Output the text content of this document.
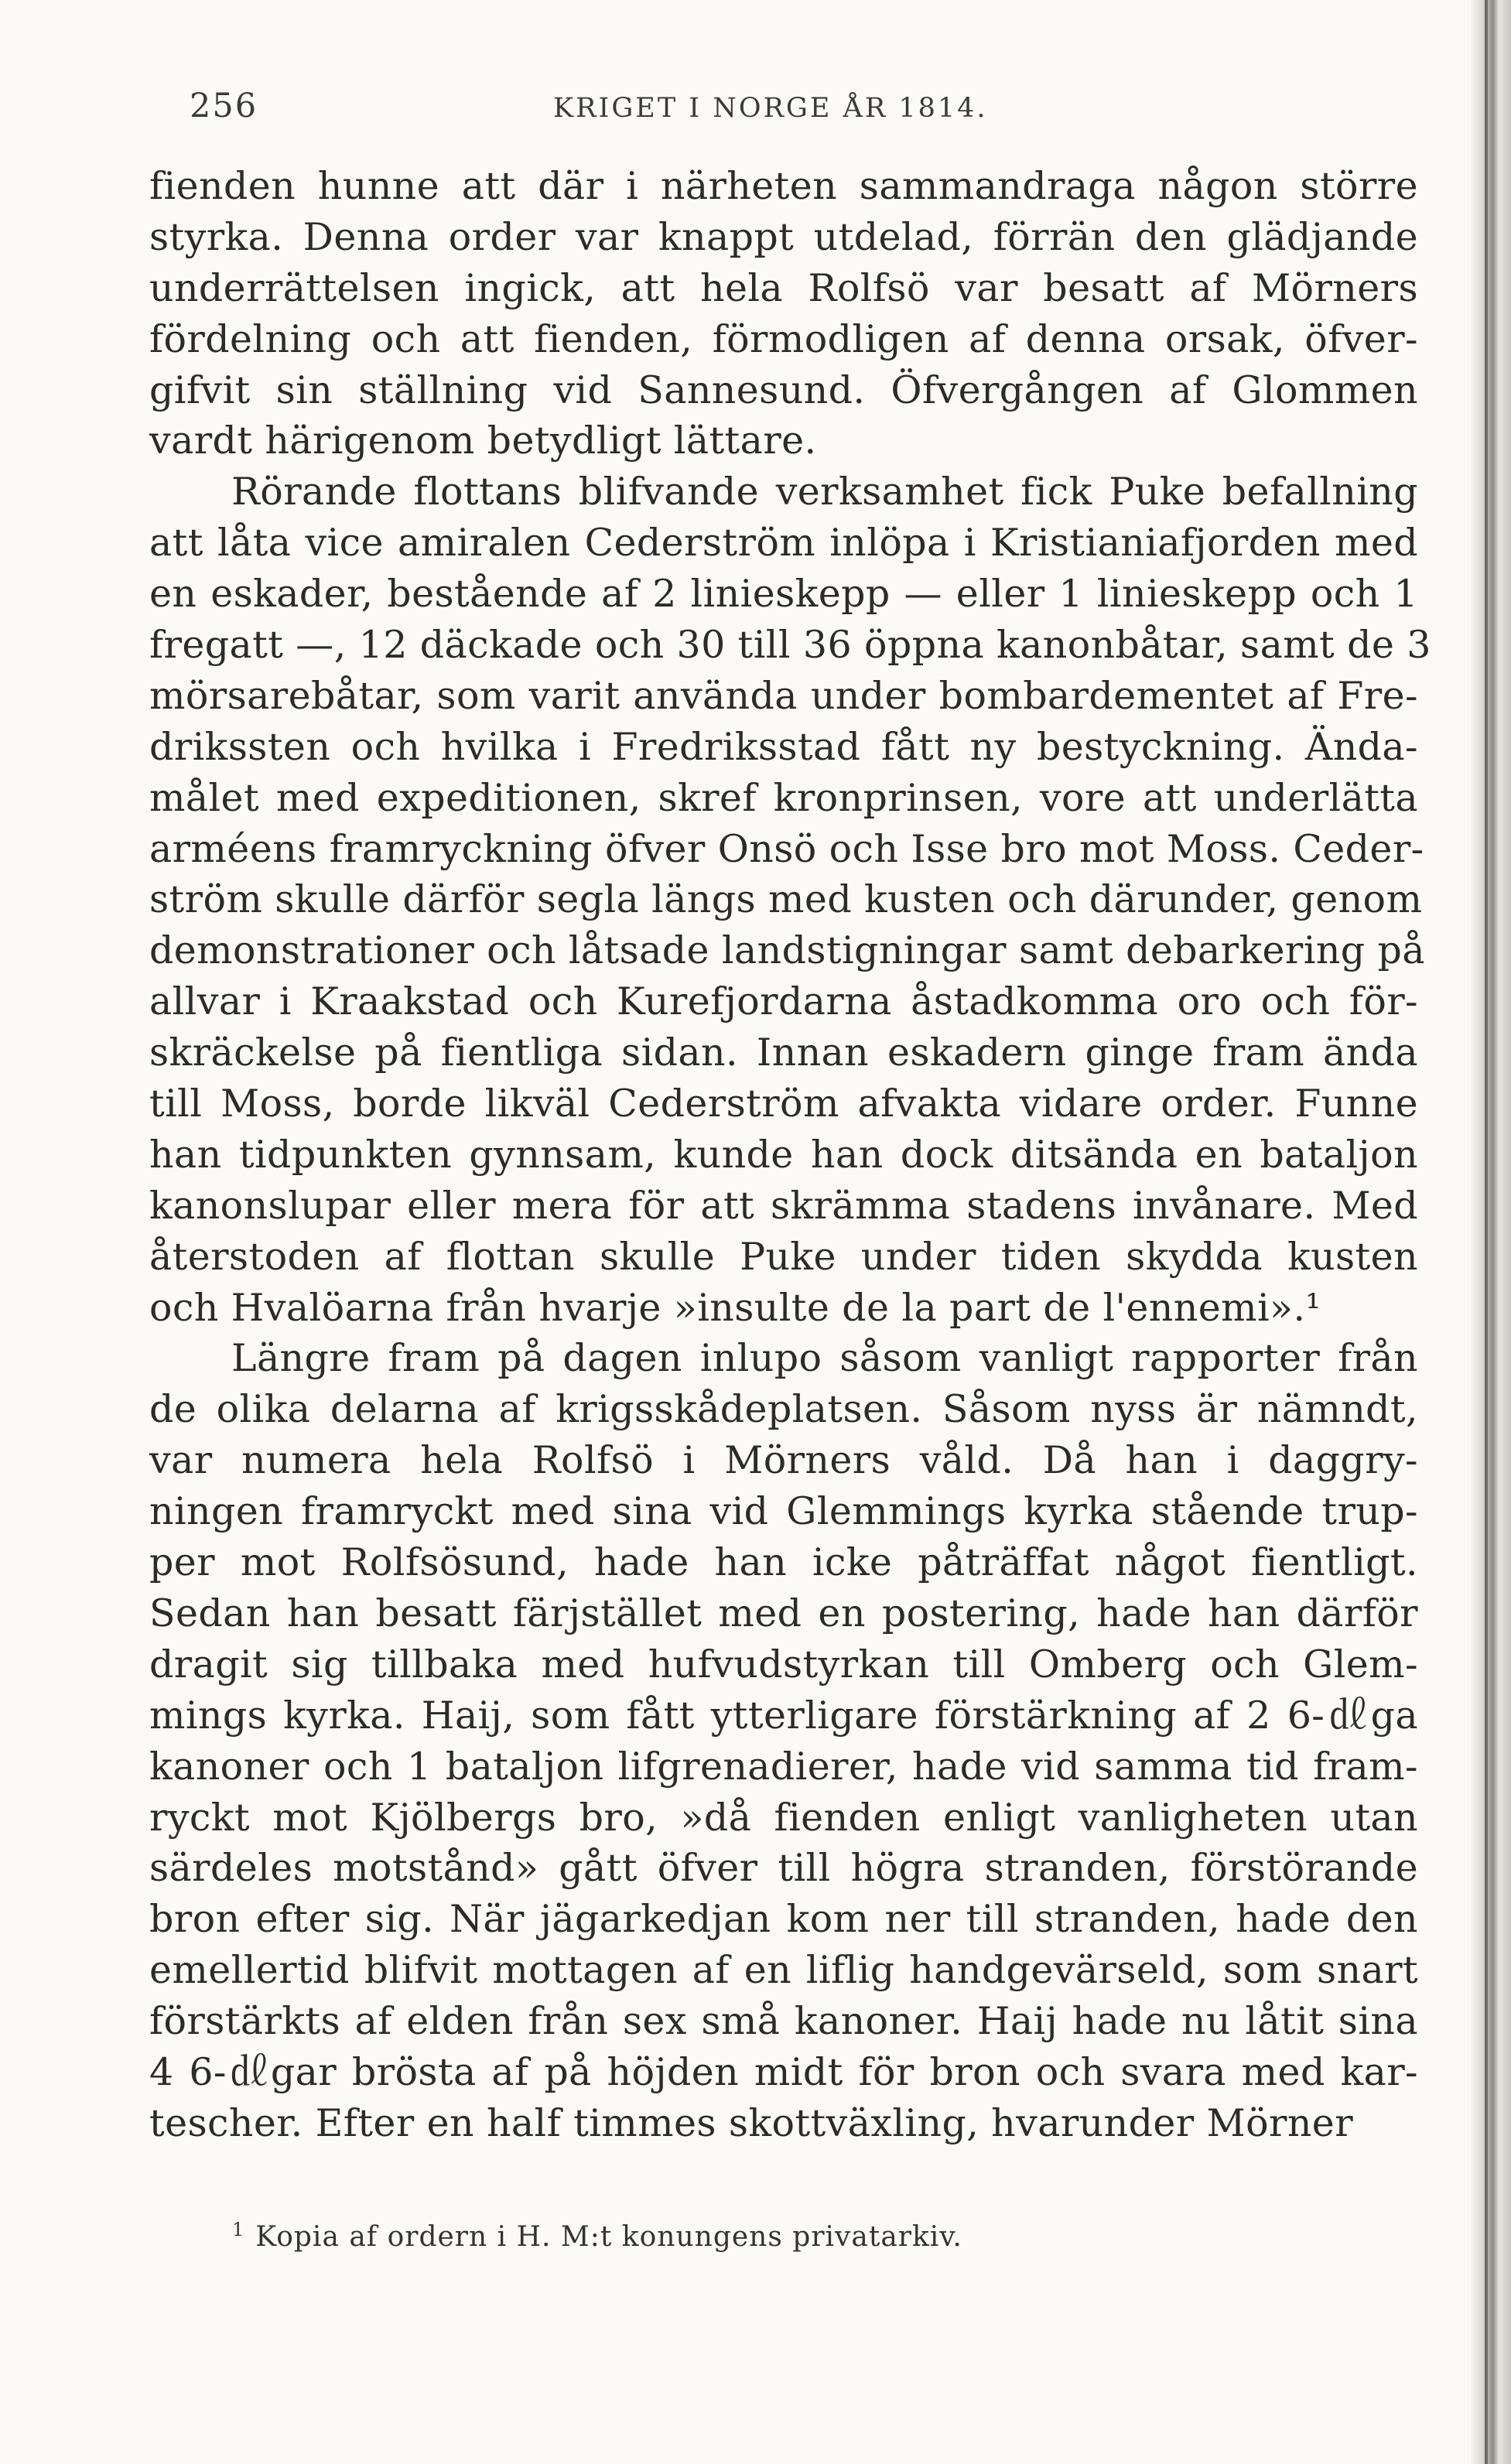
256	KRIGET I NORGE ÅR 1814.
fienden hunne att där i närheten sammandraga någon större
styrka. Denna order var knappt utdelad, förrän den glädjande
underrättelsen ingick, att hela Rolfsö var besatt af Mörners
fördelning och att fienden, förmodligen af denna orsak, öfver-
gifvit sin ställning vid Sannesund. Öfvergången af Glommen
vardt härigenom betydligt lättare.
Rörande flottans blifvande verksamhet fick Puke befallning
att låta vice amiralen Cederström inlöpa i Kristianiafjorden med
en eskader, bestående af 2 linieskepp — eller 1 linieskepp och 1
fregatt —, 12 däckade och 30 till 36 öppna kanonbåtar, samt de 3
mörsarebåtar, som varit använda under bombardementet af Fre-
drikssten och hvilka i Fredriksstad fått ny bestyckning. Ända-
målet med expeditionen, skref kronprinsen, vore att underlätta
arméens framryckning öfver Onsö och Isse bro mot Moss. Ceder-
ström skulle därför segla längs med kusten och därunder, genom
demonstrationer och låtsade landstigningar samt debarkering på
allvar i Kraakstad och Kurefjordarna åstadkomma oro och för-
skräckelse på fientliga sidan. Innan eskadern ginge fram ända
till Moss, borde likväl Cederström afvakta vidare order. Funne
han tidpunkten gynnsam, kunde han dock ditsända en bataljon
kanonslupar eller mera för att skrämma stadens invånare. Med
återstoden af flottan skulle Puke under tiden skydda kusten
och Hvalöarna från hvarje »insulte de la part de l'ennemi».¹
Längre fram på dagen inlupo såsom vanligt rapporter från
de olika delarna af krigsskådeplatsen. Såsom nyss är nämndt,
var numera hela Rolfsö i Mörners våld. Då han i daggry-
ningen framryckt med sina vid Glemmings kyrka stående trup-
per mot Rolfsösund, hade han icke påträffat något fientligt.
Sedan han besatt färjstället med en postering, hade han därför
dragit sig tillbaka med hufvudstyrkan till Omberg och Glem-
mings kyrka. Haij, som fått ytterligare förstärkning af 2 6-㎗ga
kanoner och 1 bataljon lifgrenadierer, hade vid samma tid fram-
ryckt mot Kjölbergs bro, »då fienden enligt vanligheten utan
särdeles motstånd» gått öfver till högra stranden, förstörande
bron efter sig. När jägarkedjan kom ner till stranden, hade den
emellertid blifvit mottagen af en liflig handgevärseld, som snart
förstärkts af elden från sex små kanoner. Haij hade nu låtit sina
4 6-㎗gar brösta af på höjden midt för bron och svara med kar-
tescher. Efter en half timmes skottväxling, hvarunder Mörner
$^1$ Kopia af ordern i H. M:t konungens privatarkiv.
